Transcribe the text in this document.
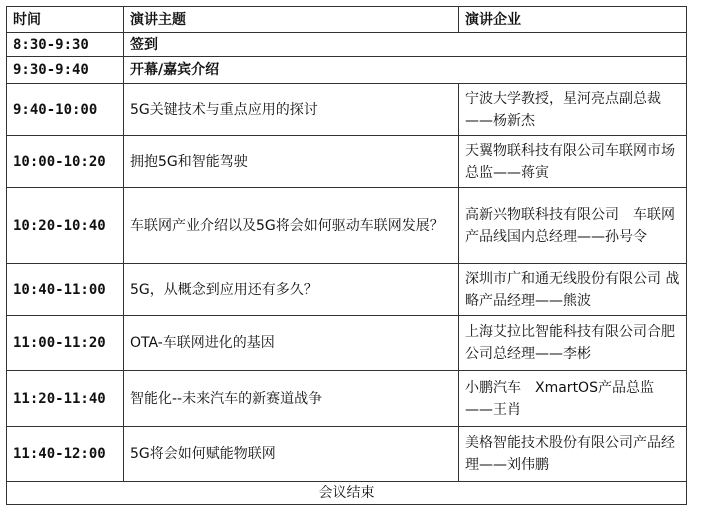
时间	演讲主题	演讲企业
8:30-9:30	签到	
9:30-9:40	开幕/嘉宾介绍	
9:40-10:00	5G关键技术与重点应用的探讨	宁波大学教授，星河亮点副总裁——杨新杰
10:00-10:20	拥抱5G和智能驾驶	天翼物联科技有限公司车联网市场总监——蒋寅
10:20-10:40	车联网产业介绍以及5G将会如何驱动车联网发展？	高新兴物联科技有限公司　车联网产品线国内总经理——孙号令
10:40-11:00	5G，从概念到应用还有多久？	深圳市广和通无线股份有限公司 战略产品经理——熊波
11:00-11:20	OTA-车联网进化的基因	上海艾拉比智能科技有限公司合肥公司总经理——李彬
11:20-11:40	智能化--未来汽车的新赛道战争	小鹏汽车　XmartOS产品总监——王肖
11:40-12:00	5G将会如何赋能物联网	美格智能技术股份有限公司产品经理——刘伟鹏
会议结束		
